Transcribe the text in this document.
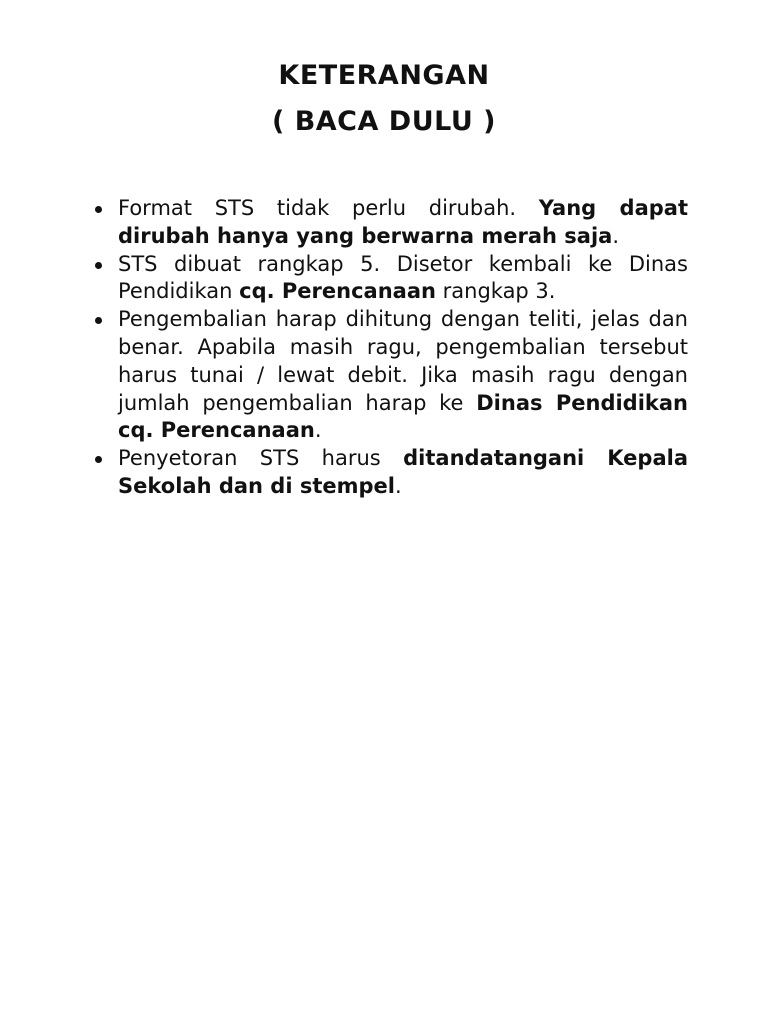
KETERANGAN
( BACA DULU )
Format STS tidak perlu dirubah. Yang dapat dirubah hanya yang berwarna merah saja.
STS dibuat rangkap 5. Disetor kembali ke Dinas Pendidikan cq. Perencanaan rangkap 3.
Pengembalian harap dihitung dengan teliti, jelas dan benar. Apabila masih ragu, pengembalian tersebut harus tunai / lewat debit. Jika masih ragu dengan jumlah pengembalian harap ke Dinas Pendidikan cq. Perencanaan.
Penyetoran STS harus ditandatangani Kepala Sekolah dan di stempel.
